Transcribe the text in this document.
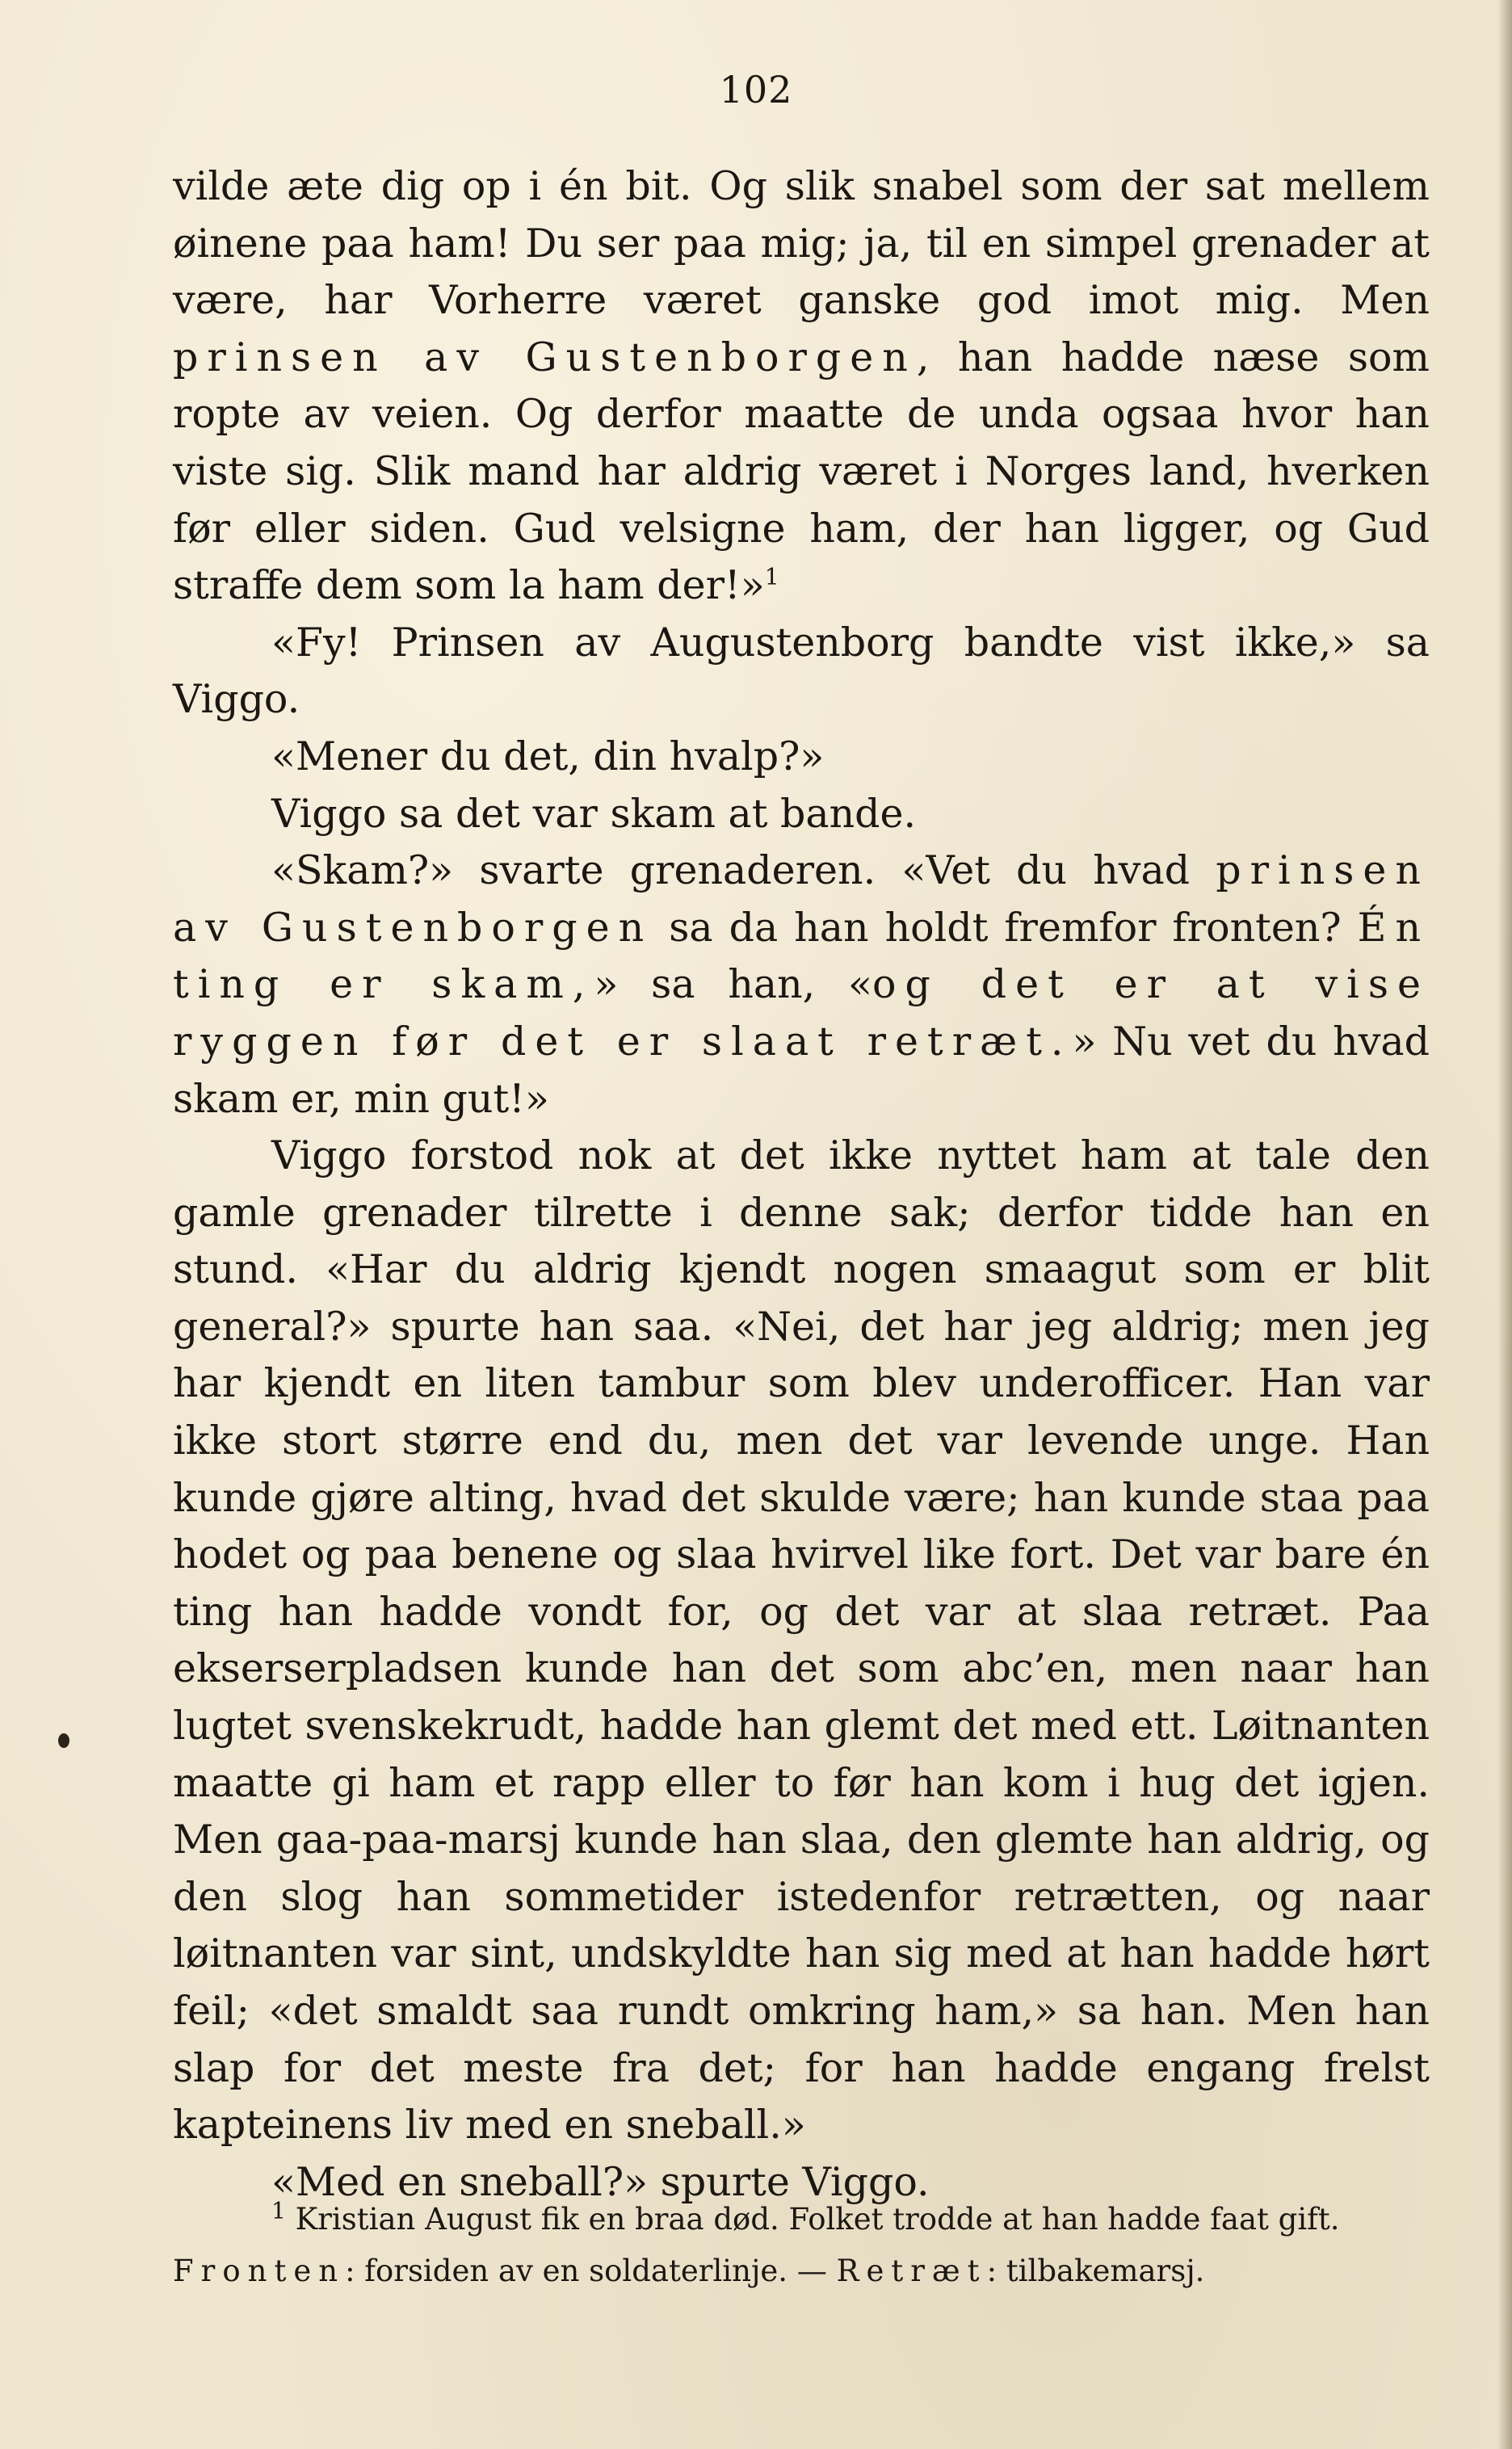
102

vilde æte dig op i én bit. Og slik snabel som der sat mellem øinene paa ham! Du ser paa mig; ja, til en simpel grenader at være, har Vorherre været ganske god imot mig. Men prinsen av Gustenborgen, han hadde næse som ropte av veien. Og derfor maatte de unda ogsaa hvor han viste sig. Slik mand har aldrig været i Norges land, hverken før eller siden. Gud velsigne ham, der han ligger, og Gud straffe dem som la ham der!»$^1$

«Fy! Prinsen av Augustenborg bandte vist ikke,» sa Viggo.

«Mener du det, din hvalp?»

Viggo sa det var skam at bande.

«Skam?» svarte grenaderen. «Vet du hvad prinsen av Gustenborgen sa da han holdt fremfor fronten? Én ting er skam,» sa han, «og det er at vise ryggen før det er slaat retræt.» Nu vet du hvad skam er, min gut!»

Viggo forstod nok at det ikke nyttet ham at tale den gamle grenader tilrette i denne sak; derfor tidde han en stund. «Har du aldrig kjendt nogen smaagut som er blit general?» spurte han saa. «Nei, det har jeg aldrig; men jeg har kjendt en liten tambur som blev underofficer. Han var ikke stort større end du, men det var levende unge. Han kunde gjøre alting, hvad det skulde være; han kunde staa paa hodet og paa benene og slaa hvirvel like fort. Det var bare én ting han hadde vondt for, og det var at slaa retræt. Paa ekserserpladsen kunde han det som abc’en, men naar han lugtet svenskekrudt, hadde han glemt det med ett. Løitnanten maatte gi ham et rapp eller to før han kom i hug det igjen. Men gaa-paa-marsj kunde han slaa, den glemte han aldrig, og den slog han sommetider istedenfor retrætten, og naar løitnanten var sint, undskyldte han sig med at han hadde hørt feil; «det smaldt saa rundt omkring ham,» sa han. Men han slap for det meste fra det; for han hadde engang frelst kapteinens liv med en sneball.»

«Med en sneball?» spurte Viggo.

$^1$ Kristian August fik en braa død. Folket trodde at han hadde faat gift.

Fronten: forsiden av en soldaterlinje. — Retræt: tilbakemarsj.
